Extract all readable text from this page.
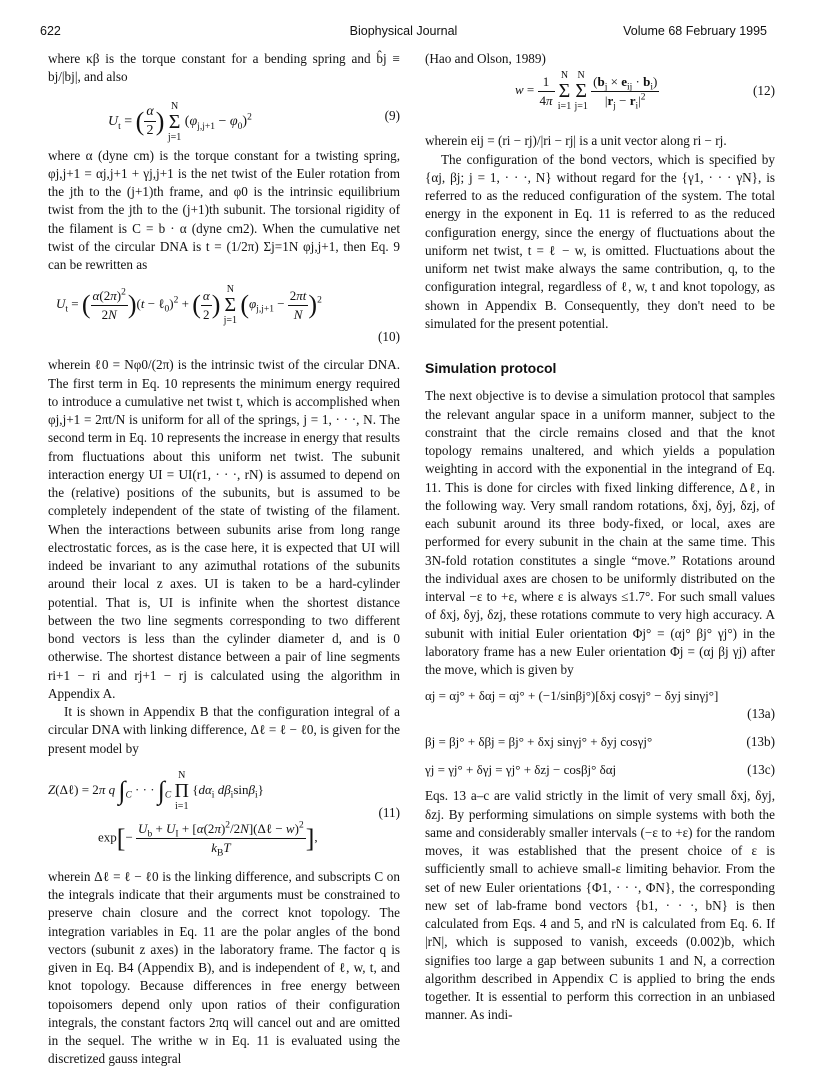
622	Biophysical Journal	Volume 68 February 1995

where κβ is the torque constant for a bending spring and b̂j ≡ bj/|bj|, and also

$U_t$ = ( $\frac{\alpha}{2}$ ) N
Σ
j=1 $(\varphi_{j,j+1} - \varphi_0)^2$	(9)

where α (dyne cm) is the torque constant for a twisting spring, φj,j+1 = αj,j+1 + γj,j+1 is the net twist of the Euler rotation from the jth to the (j+1)th frame, and φ0 is the intrinsic equilibrium twist from the jth to the (j+1)th subunit. The torsional rigidity of the filament is C = b · α (dyne cm2). When the cumulative net twist of the circular DNA is t = (1/2π) Σj=1N φj,j+1, then Eq. 9 can be rewritten as

$U_t$ = ( $\frac{\alpha(2\pi)^2}{2N} )(t$ − ℓ$_0$)$^2$ + ( $\frac{\alpha}{2}$ ) N
Σ
j=1 $(\varphi_{j,j+1} - \frac{2\pi t}{N} )^2$
(10)

wherein ℓ0 = Nφ0/(2π) is the intrinsic twist of the circular DNA. The first term in Eq. 10 represents the minimum energy required to introduce a cumulative net twist t, which is accomplished when φj,j+1 = 2πt/N is uniform for all of the springs, j = 1, · · ·, N. The second term in Eq. 10 represents the increase in energy that results from fluctuations about this uniform net twist. The subunit interaction energy UI = UI(r1, · · ·, rN) is assumed to depend on the (relative) positions of the subunits, but is assumed to be completely independent of the state of twisting of the filament. When the interactions between subunits arise from long range electrostatic forces, as is the case here, it is expected that UI will indeed be invariant to any azimuthal rotations of the subunits around their local z axes. UI is taken to be a hard-cylinder potential. That is, UI is infinite when the shortest distance between the two line segments corresponding to two different bond vectors is less than the cylinder diameter d, and is 0 otherwise. The shortest distance between a pair of line segments ri+1 − ri and rj+1 − rj is calculated using the algorithm in Appendix A.

It is shown in Appendix B that the configuration integral of a circular DNA with linking difference, Δℓ = ℓ − ℓ0, is given for the present model by

Z(Δℓ) = 2π q $\int_C$ · · · $\int_C$ N
Π
i=1 {$d\alpha_i$ $d\beta_i\sin\beta_i$}
$\exp[- \frac{U_b + U_I + [\alpha(2\pi)^2/2N](\Delta\ell - w)^2}{k_BT}$ ],
(11)

wherein Δℓ = ℓ − ℓ0 is the linking difference, and subscripts C on the integrals indicate that their arguments must be constrained to preserve chain closure and the correct knot topology. The integration variables in Eq. 11 are the polar angles of the bond vectors (subunit z axes) in the laboratory frame. The factor q is given in Eq. B4 (Appendix B), and is independent of ℓ, w, t, and knot topology. Because differences in free energy between topoisomers depend only upon ratios of their configuration integrals, the constant factors 2πq will cancel out and are omitted in the sequel. The writhe w in Eq. 11 is evaluated using the discretized gauss integral

(Hao and Olson, 1989)

$w = \frac{1}{4\pi}$ N
Σ
i=1 N
Σ
$j=1 \frac{(b_j \times e_{ij} \cdot b_i)}{|r_j - r_i|^2}$	(12)

wherein eij = (ri − rj)/|ri − rj| is a unit vector along ri − rj.

The configuration of the bond vectors, which is specified by {αj, βj; j = 1, · · ·, N} without regard for the {γ1, · · · γN}, is referred to as the reduced configuration of the system. The total energy in the exponent in Eq. 11 is referred to as the reduced configuration energy, since the energy of fluctuations about the uniform net twist, t = ℓ − w, is omitted. Fluctuations about the uniform net twist make always the same contribution, q, to the configuration integral, regardless of ℓ, w, t and knot topology, as shown in Appendix B. Consequently, they don't need to be simulated for the present potential.

Simulation protocol

The next objective is to devise a simulation protocol that samples the relevant angular space in a uniform manner, subject to the constraint that the circle remains closed and that the knot topology remains unaltered, and which yields a population weighting in accord with the exponential in the integrand of Eq. 11. This is done for circles with fixed linking difference, Δℓ, in the following way. Very small random rotations, δxj, δyj, δzj, of each subunit around its three body-fixed, or local, axes are performed for every subunit in the chain at the same time. This 3N-fold rotation constitutes a single “move.” Rotations around the individual axes are chosen to be uniformly distributed on the interval −ε to +ε, where ε is always ≤1.7°. For such small values of δxj, δyj, δzj, these rotations commute to very high accuracy. A subunit with initial Euler orientation Φj° = (αj° βj° γj°) in the laboratory frame has a new Euler orientation Φj = (αj βj γj) after the move, which is given by

αj = αj° + δαj = αj° + (−1/sinβj°)[δxj cosγj° − δyj sinγj°]
(13a)
βj = βj° + δβj = βj° + δxj sinγj° + δyj cosγj°	(13b)
γj = γj° + δγj = γj° + δzj − cosβj° δαj	(13c)

Eqs. 13 a–c are valid strictly in the limit of very small δxj, δyj, δzj. By performing simulations on simple systems with both the same and considerably smaller intervals (−ε to +ε) for the random moves, it was established that the present choice of ε is sufficiently small to achieve small-ε limiting behavior. From the set of new Euler orientations {Φ1, · · ·, ΦN}, the corresponding new set of lab-frame bond vectors {b1, · · ·, bN} is then calculated from Eqs. 4 and 5, and rN is calculated from Eq. 6. If |rN|, which is supposed to vanish, exceeds (0.002)b, which signifies too large a gap between subunits 1 and N, a correction algorithm described in Appendix C is applied to bring the ends together. It is essential to perform this correction in an unbiased manner. As indi-
